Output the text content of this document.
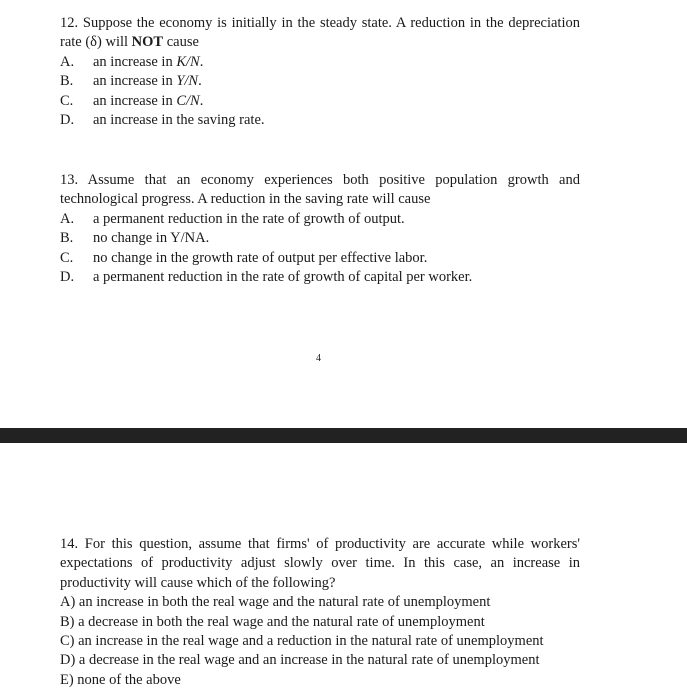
12. Suppose the economy is initially in the steady state. A reduction in the depreciation rate (δ) will NOT cause
A.	an increase in K/N.
B.	an increase in Y/N.
C.	an increase in C/N.
D.	an increase in the saving rate.
13. Assume that an economy experiences both positive population growth and technological progress. A reduction in the saving rate will cause
A.	a permanent reduction in the rate of growth of output.
B.	no change in Y/NA.
C.	no change in the growth rate of output per effective labor.
D.	a permanent reduction in the rate of growth of capital per worker.
4
14. For this question, assume that firms' of productivity are accurate while workers' expectations of productivity adjust slowly over time. In this case, an increase in productivity will cause which of the following?
A) an increase in both the real wage and the natural rate of unemployment
B) a decrease in both the real wage and the natural rate of unemployment
C) an increase in the real wage and a reduction in the natural rate of unemployment
D) a decrease in the real wage and an increase in the natural rate of unemployment
E) none of the above
